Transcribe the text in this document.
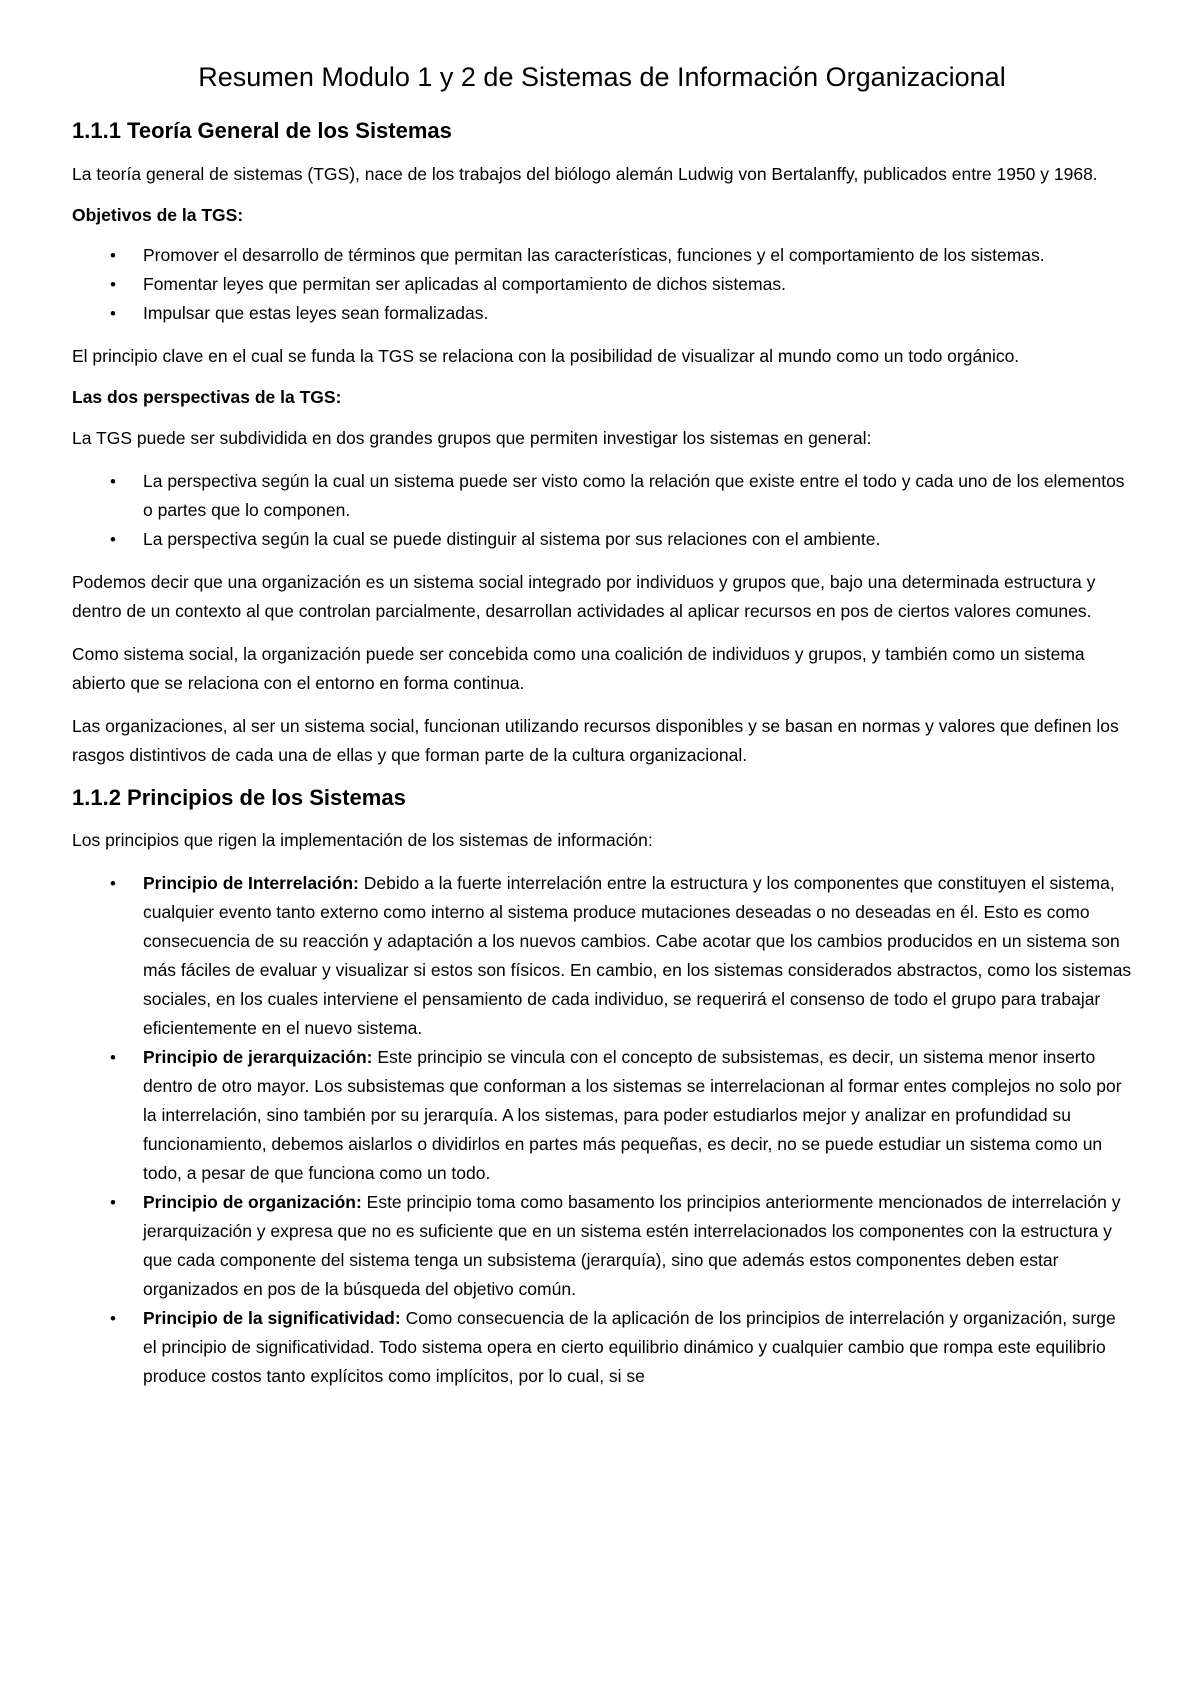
Resumen Modulo 1 y 2 de Sistemas de Información Organizacional
1.1.1 Teoría General de los Sistemas

La teoría general de sistemas (TGS), nace de los trabajos del biólogo alemán Ludwig von Bertalanffy, publicados entre 1950 y 1968.

Objetivos de la TGS:
• Promover el desarrollo de términos que permitan las características, funciones y el comportamiento de los sistemas.
• Fomentar leyes que permitan ser aplicadas al comportamiento de dichos sistemas.
• Impulsar que estas leyes sean formalizadas.

El principio clave en el cual se funda la TGS se relaciona con la posibilidad de visualizar al mundo como un todo orgánico.

Las dos perspectivas de la TGS:

La TGS puede ser subdividida en dos grandes grupos que permiten investigar los sistemas en general:

• La perspectiva según la cual un sistema puede ser visto como la relación que existe entre el todo y cada uno de los elementos o partes que lo componen.
• La perspectiva según la cual se puede distinguir al sistema por sus relaciones con el ambiente.

Podemos decir que una organización es un sistema social integrado por individuos y grupos que, bajo una determinada estructura y dentro de un contexto al que controlan parcialmente, desarrollan actividades al aplicar recursos en pos de ciertos valores comunes.

Como sistema social, la organización puede ser concebida como una coalición de individuos y grupos, y también como un sistema abierto que se relaciona con el entorno en forma continua.

Las organizaciones, al ser un sistema social, funcionan utilizando recursos disponibles y se basan en normas y valores que definen los rasgos distintivos de cada una de ellas y que forman parte de la cultura organizacional.

1.1.2 Principios de los Sistemas

Los principios que rigen la implementación de los sistemas de información:

• Principio de Interrelación: Debido a la fuerte interrelación entre la estructura y los componentes que constituyen el sistema, cualquier evento tanto externo como interno al sistema produce mutaciones deseadas o no deseadas en él. Esto es como consecuencia de su reacción y adaptación a los nuevos cambios. Cabe acotar que los cambios producidos en un sistema son más fáciles de evaluar y visualizar si estos son físicos. En cambio, en los sistemas considerados abstractos, como los sistemas sociales, en los cuales interviene el pensamiento de cada individuo, se requerirá el consenso de todo el grupo para trabajar eficientemente en el nuevo sistema.
• Principio de jerarquización: Este principio se vincula con el concepto de subsistemas, es decir, un sistema menor inserto dentro de otro mayor. Los subsistemas que conforman a los sistemas se interrelacionan al formar entes complejos no solo por la interrelación, sino también por su jerarquía. A los sistemas, para poder estudiarlos mejor y analizar en profundidad su funcionamiento, debemos aislarlos o dividirlos en partes más pequeñas, es decir, no se puede estudiar un sistema como un todo, a pesar de que funciona como un todo.
• Principio de organización: Este principio toma como basamento los principios anteriormente mencionados de interrelación y jerarquización y expresa que no es suficiente que en un sistema estén interrelacionados los componentes con la estructura y que cada componente del sistema tenga un subsistema (jerarquía), sino que además estos componentes deben estar organizados en pos de la búsqueda del objetivo común.
• Principio de la significatividad: Como consecuencia de la aplicación de los principios de interrelación y organización, surge el principio de significatividad. Todo sistema opera en cierto equilibrio dinámico y cualquier cambio que rompa este equilibrio produce costos tanto explícitos como implícitos, por lo cual, si se
